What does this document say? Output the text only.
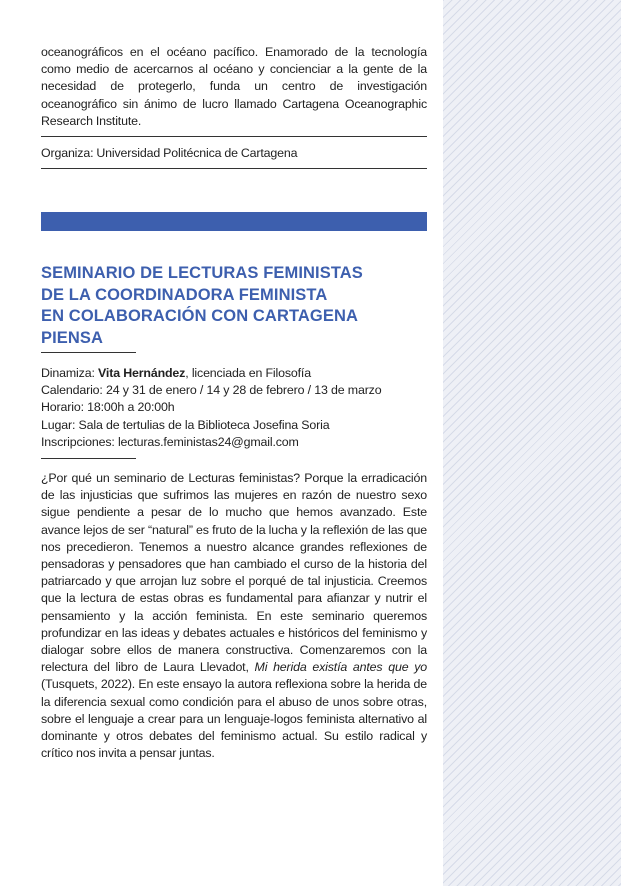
oceanográficos en el océano pacífico. Enamorado de la tecnología como medio de acercarnos al océano y concienciar a la gente de la necesidad de protegerlo, funda un centro de investigación oceanográfico sin ánimo de lucro llamado Cartagena Oceanographic Research Institute.

Organiza: Universidad Politécnica de Cartagena

SEMINARIO DE LECTURAS FEMINISTAS
DE LA COORDINADORA FEMINISTA
EN COLABORACIÓN CON CARTAGENA
PIENSA
Dinamiza: Vita Hernández, licenciada en Filosofía
Calendario: 24 y 31 de enero / 14 y 28 de febrero / 13 de marzo
Horario: 18:00h a 20:00h
Lugar: Sala de tertulias de la Biblioteca Josefina Soria
Inscripciones: lecturas.feministas24@gmail.com

¿Por qué un seminario de Lecturas feministas? Porque la erradicación de las injusticias que sufrimos las mujeres en razón de nuestro sexo sigue pendiente a pesar de lo mucho que hemos avanzado. Este avance lejos de ser “natural” es fruto de la lucha y la reflexión de las que nos precedieron. Tenemos a nuestro alcance grandes reflexiones de pensadoras y pensadores que han cambiado el curso de la historia del patriarcado y que arrojan luz sobre el porqué de tal injusticia. Creemos que la lectura de estas obras es fundamental para afianzar y nutrir el pensamiento y la acción feminista. En este seminario queremos profundizar en las ideas y debates actuales e históricos del feminismo y dialogar sobre ellos de manera constructiva. Comenzaremos con la relectura del libro de Laura Llevadot, Mi herida existía antes que yo (Tusquets, 2022). En este ensayo la autora reflexiona sobre la herida de la diferencia sexual como condición para el abuso de unos sobre otras, sobre el lenguaje a crear para un lenguaje-logos feminista alternativo al dominante y otros debates del feminismo actual. Su estilo radical y crítico nos invita a pensar juntas.
